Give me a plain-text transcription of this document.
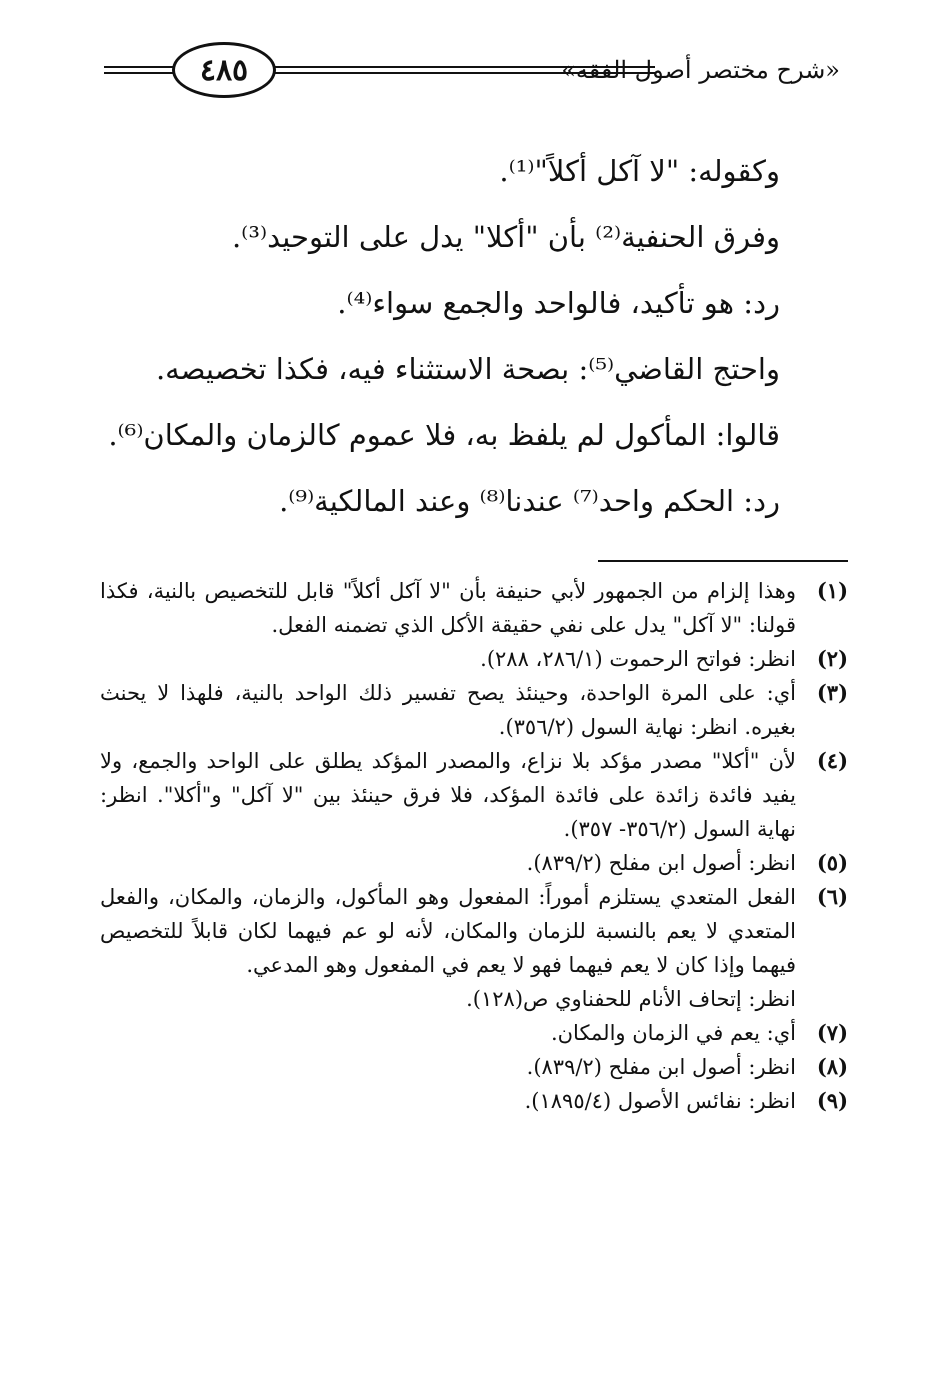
٤٨٥	«شرح مختصر أصول الفقه»

وكقوله: "لا آكل أكلاً"⁽¹⁾.

وفرق الحنفية⁽²⁾ بأن "أكلا" يدل على التوحيد⁽³⁾.

رد: هو تأكيد، فالواحد والجمع سواء⁽⁴⁾.

واحتج القاضي⁽⁵⁾: بصحة الاستثناء فيه، فكذا تخصيصه.

قالوا: المأكول لم يلفظ به، فلا عموم كالزمان والمكان⁽⁶⁾.

رد: الحكم واحد⁽⁷⁾ عندنا⁽⁸⁾ وعند المالكية⁽⁹⁾.

(١)
وهذا إلزام من الجمهور لأبي حنيفة بأن "لا آكل أكلاً" قابل للتخصيص بالنية، فكذا قولنا: "لا آكل" يدل على نفي حقيقة الأكل الذي تضمنه الفعل.
(٢)
انظر: فواتح الرحموت (٢٨٦/١، ٢٨٨).
(٣)
أي: على المرة الواحدة، وحينئذ يصح تفسير ذلك الواحد بالنية، فلهذا لا يحنث بغيره. انظر: نهاية السول (٣٥٦/٢).
(٤)
لأن "أكلا" مصدر مؤكد بلا نزاع، والمصدر المؤكد يطلق على الواحد والجمع، ولا يفيد فائدة زائدة على فائدة المؤكد، فلا فرق حينئذ بين "لا آكل" و"أكلا". انظر: نهاية السول (٣٥٦/٢- ٣٥٧).
(٥)
انظر: أصول ابن مفلح (٨٣٩/٢).
(٦)
الفعل المتعدي يستلزم أموراً: المفعول وهو المأكول، والزمان، والمكان، والفعل المتعدي لا يعم بالنسبة للزمان والمكان، لأنه لو عم فيهما لكان قابلاً للتخصيص فيهما وإذا كان لا يعم فيهما فهو لا يعم في المفعول وهو المدعي.
انظر: إتحاف الأنام للحفناوي ص(١٢٨).
(٧)
أي: يعم في الزمان والمكان.
(٨)
انظر: أصول ابن مفلح (٨٣٩/٢).
(٩)
انظر: نفائس الأصول (١٨٩٥/٤).
